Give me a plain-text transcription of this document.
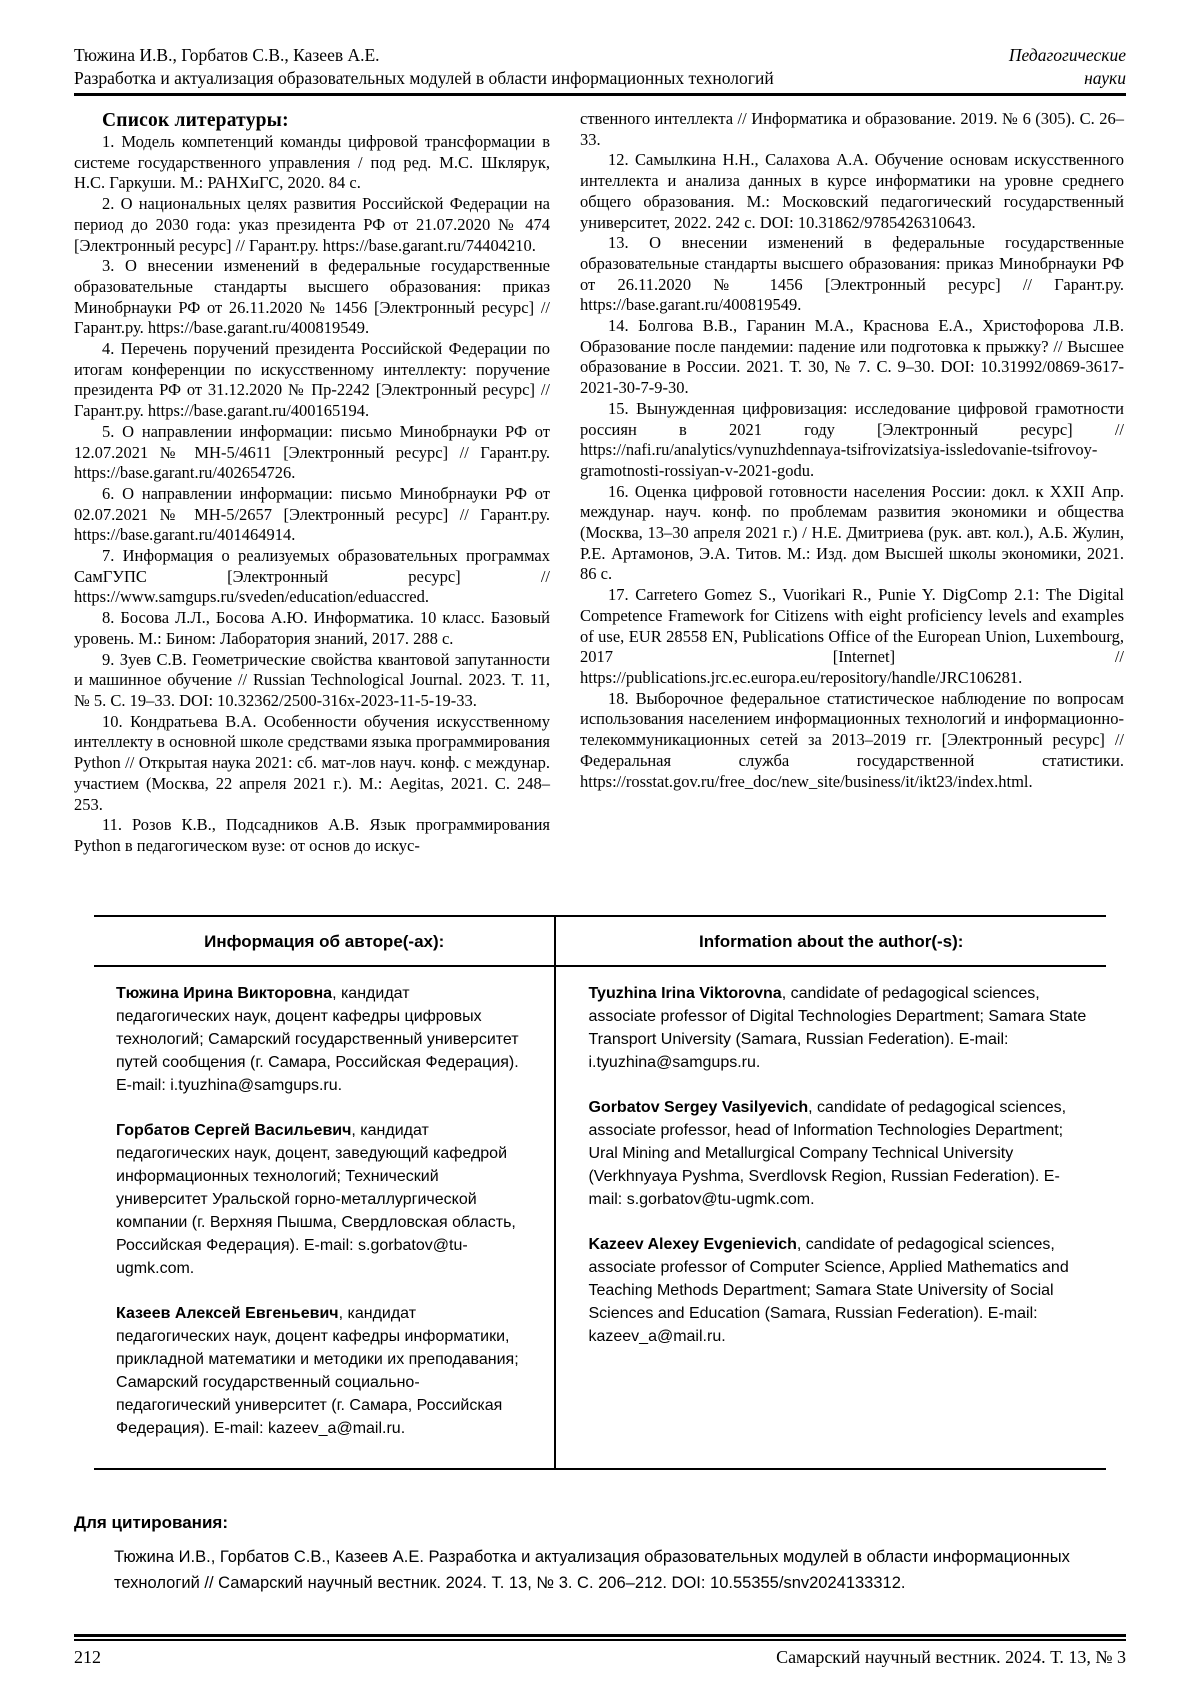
Тюжина И.В., Горбатов С.В., Казеев А.Е.
Разработка и актуализация образовательных модулей в области информационных технологий
Педагогические
науки

Список литературы:

1. Модель компетенций команды цифровой трансформации в системе государственного управления / под ред. М.С. Шклярук, Н.С. Гаркуши. М.: РАНХиГС, 2020. 84 с.

2. О национальных целях развития Российской Федерации на период до 2030 года: указ президента РФ от 21.07.2020 № 474 [Электронный ресурс] // Гарант.ру. https://base.garant.ru/74404210.

3. О внесении изменений в федеральные государственные образовательные стандарты высшего образования: приказ Минобрнауки РФ от 26.11.2020 № 1456 [Электронный ресурс] // Гарант.ру. https://base.garant.ru/400819549.

4. Перечень поручений президента Российской Федерации по итогам конференции по искусственному интеллекту: поручение президента РФ от 31.12.2020 № Пр-2242 [Электронный ресурс] // Гарант.ру. https://base.garant.ru/400165194.

5. О направлении информации: письмо Минобрнауки РФ от 12.07.2021 № МН-5/4611 [Электронный ресурс] // Гарант.ру. https://base.garant.ru/402654726.

6. О направлении информации: письмо Минобрнауки РФ от 02.07.2021 № МН-5/2657 [Электронный ресурс] // Гарант.ру. https://base.garant.ru/401464914.

7. Информация о реализуемых образовательных программах СамГУПС [Электронный ресурс] // https://www.samgups.ru/sveden/education/eduaccred.

8. Босова Л.Л., Босова А.Ю. Информатика. 10 класс. Базовый уровень. М.: Бином: Лаборатория знаний, 2017. 288 с.

9. Зуев С.В. Геометрические свойства квантовой запутанности и машинное обучение // Russian Technological Journal. 2023. Т. 11, № 5. С. 19–33. DOI: 10.32362/2500-316x-2023-11-5-19-33.

10. Кондратьева В.А. Особенности обучения искусственному интеллекту в основной школе средствами языка программирования Python // Открытая наука 2021: сб. мат-лов науч. конф. с междунар. участием (Москва, 22 апреля 2021 г.). М.: Aegitas, 2021. С. 248–253.

11. Розов К.В., Подсадников А.В. Язык программирования Python в педагогическом вузе: от основ до искус-

ственного интеллекта // Информатика и образование. 2019. № 6 (305). С. 26–33.

12. Самылкина Н.Н., Салахова А.А. Обучение основам искусственного интеллекта и анализа данных в курсе информатики на уровне среднего общего образования. М.: Московский педагогический государственный университет, 2022. 242 с. DOI: 10.31862/9785426310643.

13. О внесении изменений в федеральные государственные образовательные стандарты высшего образования: приказ Минобрнауки РФ от 26.11.2020 № 1456 [Электронный ресурс] // Гарант.ру. https://base.garant.ru/400819549.

14. Болгова В.В., Гаранин М.А., Краснова Е.А., Христофорова Л.В. Образование после пандемии: падение или подготовка к прыжку? // Высшее образование в России. 2021. Т. 30, № 7. С. 9–30. DOI: 10.31992/0869-3617-2021-30-7-9-30.

15. Вынужденная цифровизация: исследование цифровой грамотности россиян в 2021 году [Электронный ресурс] // https://nafi.ru/analytics/vynuzhdennaya-tsifrovizatsiya-issledovanie-tsifrovoy-gramotnosti-rossiyan-v-2021-godu.

16. Оценка цифровой готовности населения России: докл. к XXII Апр. междунар. науч. конф. по проблемам развития экономики и общества (Москва, 13–30 апреля 2021 г.) / Н.Е. Дмитриева (рук. авт. кол.), А.Б. Жулин, Р.Е. Артамонов, Э.А. Титов. М.: Изд. дом Высшей школы экономики, 2021. 86 с.

17. Carretero Gomez S., Vuorikari R., Punie Y. DigComp 2.1: The Digital Competence Framework for Citizens with eight proficiency levels and examples of use, EUR 28558 EN, Publications Office of the European Union, Luxembourg, 2017 [Internet] // https://publications.jrc.ec.europa.eu/repository/handle/JRC106281.

18. Выборочное федеральное статистическое наблюдение по вопросам использования населением информационных технологий и информационно-телекоммуникационных сетей за 2013–2019 гг. [Электронный ресурс] // Федеральная служба государственной статистики. https://rosstat.gov.ru/free_doc/new_site/business/it/ikt23/index.html.

Информация об авторе(-ах):	Information about the author(-s):

Тюжина Ирина Викторовна, кандидат педагогических наук, доцент кафедры цифровых технологий; Самарский государственный университет путей сообщения (г. Самара, Российская Федерация). E-mail: i.tyuzhina@samgups.ru.

Горбатов Сергей Васильевич, кандидат педагогических наук, доцент, заведующий кафедрой информационных технологий; Технический университет Уральской горно-металлургической компании (г. Верхняя Пышма, Свердловская область, Российская Федерация). E-mail: s.gorbatov@tu-ugmk.com.

Казеев Алексей Евгеньевич, кандидат педагогических наук, доцент кафедры информатики, прикладной математики и методики их преподавания; Самарский государственный социально-педагогический университет (г. Самара, Российская Федерация). E-mail: kazeev_a@mail.ru.

Tyuzhina Irina Viktorovna, candidate of pedagogical sciences, associate professor of Digital Technologies Department; Samara State Transport University (Samara, Russian Federation). E-mail: i.tyuzhina@samgups.ru.

Gorbatov Sergey Vasilyevich, candidate of pedagogical sciences, associate professor, head of Information Technologies Department; Ural Mining and Metallurgical Company Technical University (Verkhnyaya Pyshma, Sverdlovsk Region, Russian Federation). E-mail: s.gorbatov@tu-ugmk.com.

Kazeev Alexey Evgenievich, candidate of pedagogical sciences, associate professor of Computer Science, Applied Mathematics and Teaching Methods Department; Samara State University of Social Sciences and Education (Samara, Russian Federation). E-mail: kazeev_a@mail.ru.

Для цитирования:

Тюжина И.В., Горбатов С.В., Казеев А.Е. Разработка и актуализация образовательных модулей в области информационных технологий // Самарский научный вестник. 2024. Т. 13, № 3. С. 206–212. DOI: 10.55355/snv2024133312.

212	Самарский научный вестник. 2024. Т. 13, № 3
